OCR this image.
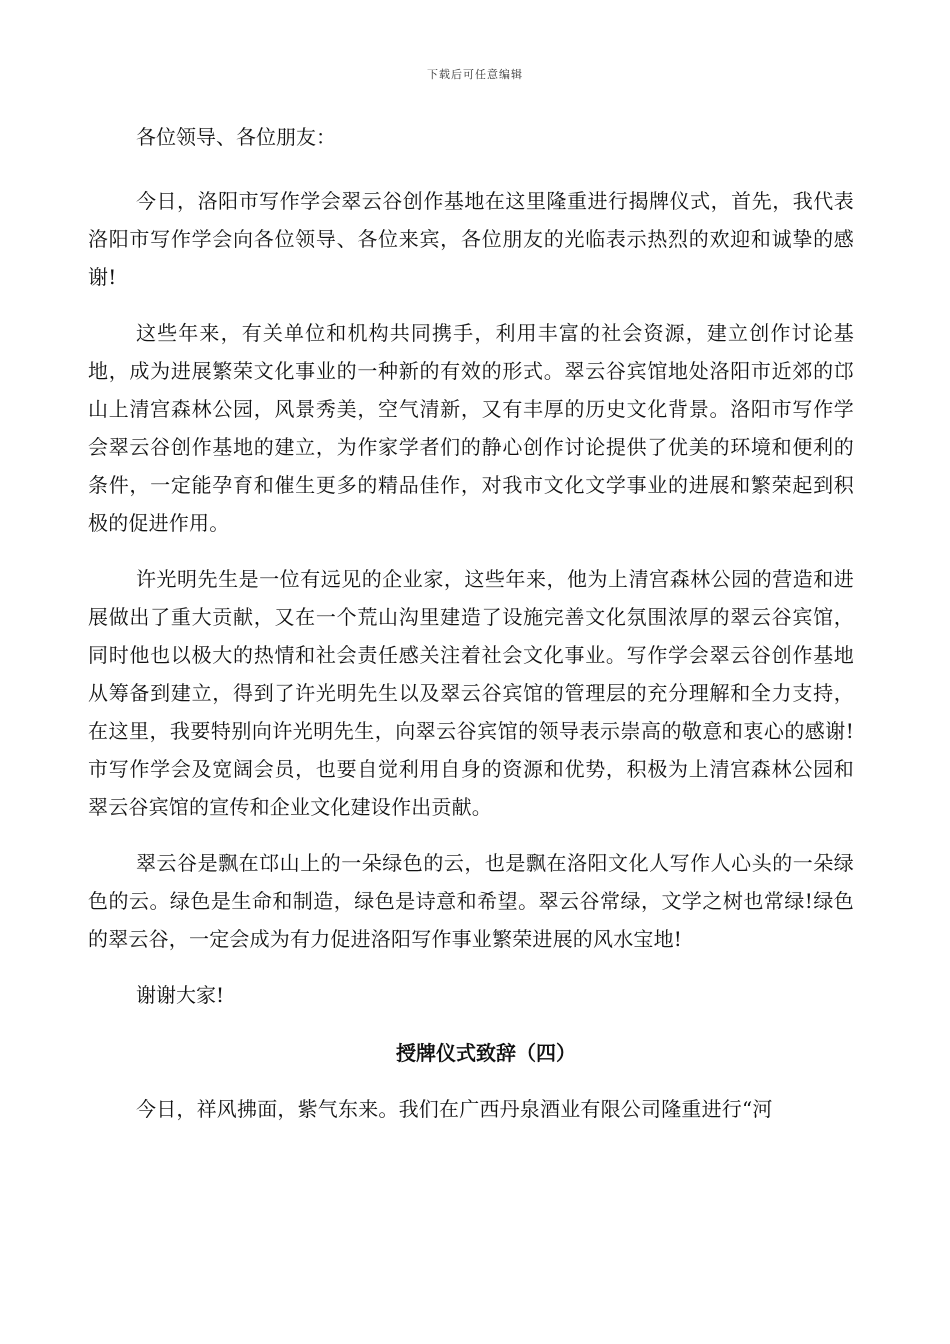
下载后可任意编辑

各位领导、各位朋友：

今日，洛阳市写作学会翠云谷创作基地在这里隆重进行揭牌仪式，首先，我代表洛阳市写作学会向各位领导、各位来宾，各位朋友的光临表示热烈的欢迎和诚挚的感谢!

这些年来，有关单位和机构共同携手，利用丰富的社会资源，建立创作讨论基地，成为进展繁荣文化事业的一种新的有效的形式。翠云谷宾馆地处洛阳市近郊的邙山上清宫森林公园，风景秀美，空气清新，又有丰厚的历史文化背景。洛阳市写作学会翠云谷创作基地的建立，为作家学者们的静心创作讨论提供了优美的环境和便利的条件，一定能孕育和催生更多的精品佳作，对我市文化文学事业的进展和繁荣起到积极的促进作用。

许光明先生是一位有远见的企业家，这些年来，他为上清宫森林公园的营造和进展做出了重大贡献，又在一个荒山沟里建造了设施完善文化氛围浓厚的翠云谷宾馆，同时他也以极大的热情和社会责任感关注着社会文化事业。写作学会翠云谷创作基地从筹备到建立，得到了许光明先生以及翠云谷宾馆的管理层的充分理解和全力支持，在这里，我要特别向许光明先生，向翠云谷宾馆的领导表示崇高的敬意和衷心的感谢!市写作学会及宽阔会员，也要自觉利用自身的资源和优势，积极为上清宫森林公园和翠云谷宾馆的宣传和企业文化建设作出贡献。

翠云谷是飘在邙山上的一朵绿色的云，也是飘在洛阳文化人写作人心头的一朵绿色的云。绿色是生命和制造，绿色是诗意和希望。翠云谷常绿，文学之树也常绿!绿色的翠云谷，一定会成为有力促进洛阳写作事业繁荣进展的风水宝地!

谢谢大家!

授牌仪式致辞（四）

今日，祥风拂面，紫气东来。我们在广西丹泉酒业有限公司隆重进行“河
